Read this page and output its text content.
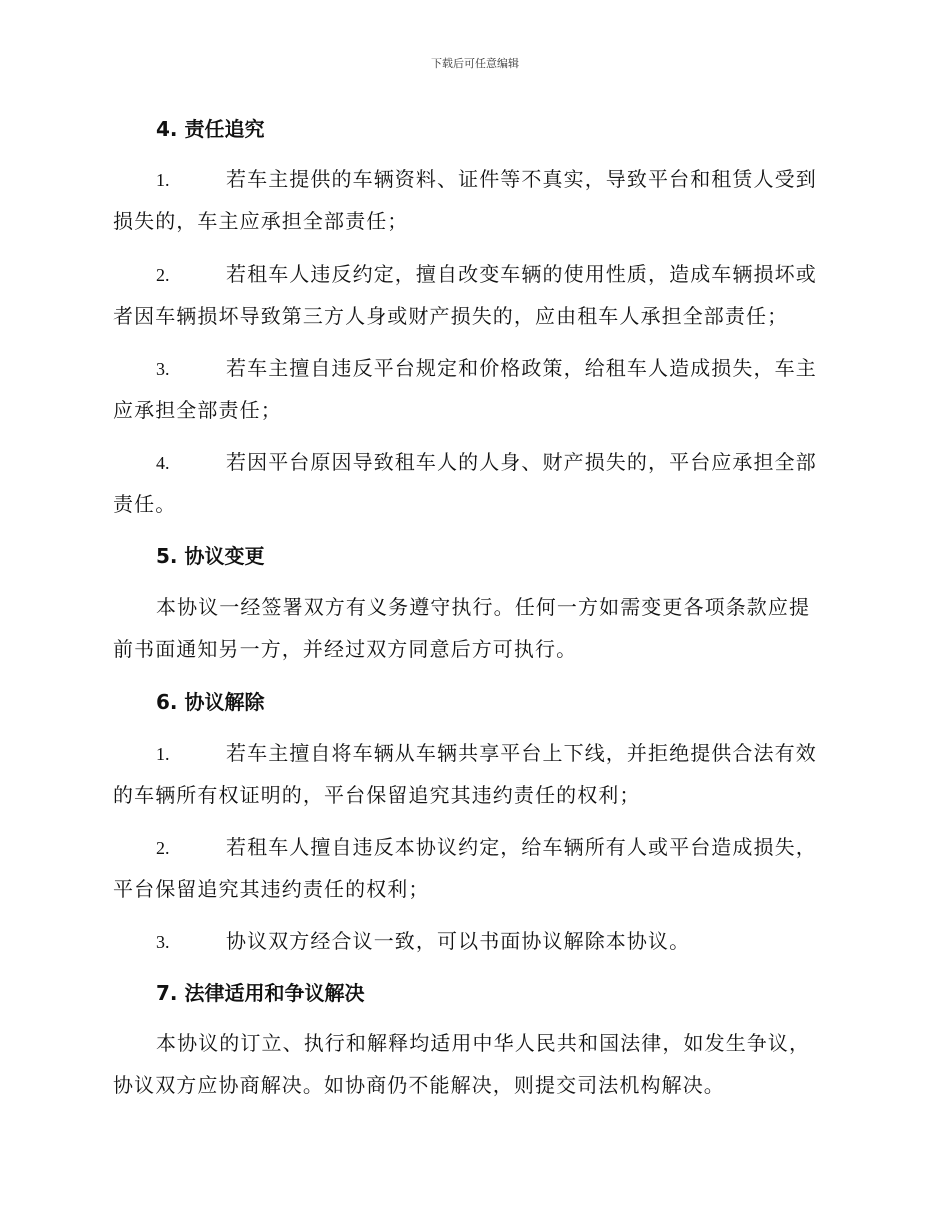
下载后可任意编辑
4. 责任追究
1.	若车主提供的车辆资料、证件等不真实，导致平台和租赁人受到
损失的，车主应承担全部责任；
2.	若租车人违反约定，擅自改变车辆的使用性质，造成车辆损坏或
者因车辆损坏导致第三方人身或财产损失的，应由租车人承担全部责任；
3.	若车主擅自违反平台规定和价格政策，给租车人造成损失，车主
应承担全部责任；
4.	若因平台原因导致租车人的人身、财产损失的，平台应承担全部
责任。
5. 协议变更
本协议一经签署双方有义务遵守执行。任何一方如需变更各项条款应提
前书面通知另一方，并经过双方同意后方可执行。
6. 协议解除
1.	若车主擅自将车辆从车辆共享平台上下线，并拒绝提供合法有效
的车辆所有权证明的，平台保留追究其违约责任的权利；
2.	若租车人擅自违反本协议约定，给车辆所有人或平台造成损失，
平台保留追究其违约责任的权利；
3.	协议双方经合议一致，可以书面协议解除本协议。
7. 法律适用和争议解决
本协议的订立、执行和解释均适用中华人民共和国法律，如发生争议，
协议双方应协商解决。如协商仍不能解决，则提交司法机构解决。
